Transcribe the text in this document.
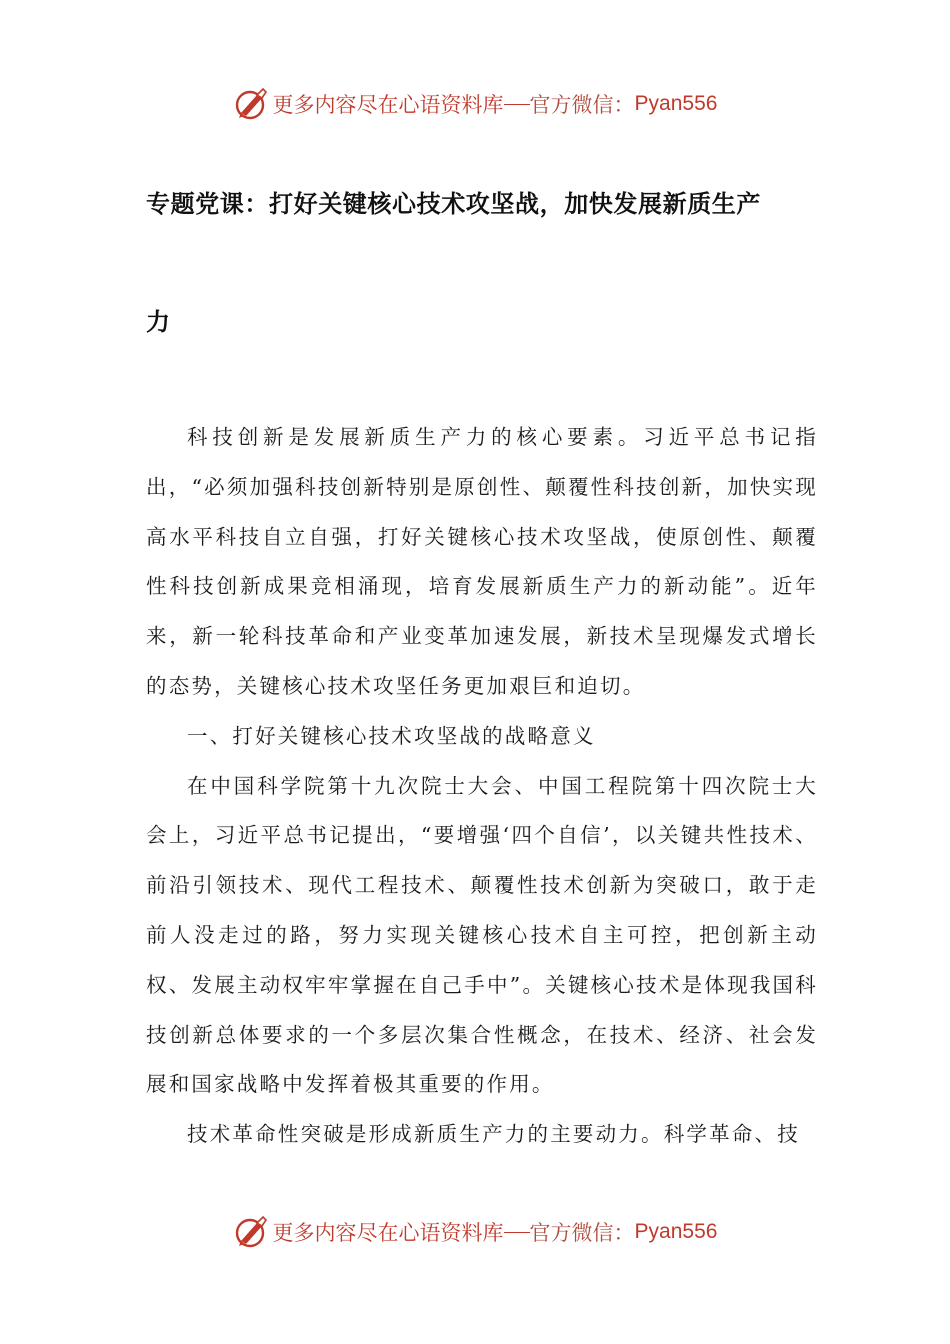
更多内容尽在心语资料库 官方微信： Pyan556
专题党课：打好关键核心技术攻坚战，加快发展新质生产
力

科技创新是发展新质生产力的核心要素。习近平总书记指出，“必须加强科技创新特别是原创性、颠覆性科技创新，加快实现高水平科技自立自强，打好关键核心技术攻坚战，使原创性、颠覆性科技创新成果竞相涌现，培育发展新质生产力的新动能”。近年来，新一轮科技革命和产业变革加速发展，新技术呈现爆发式增长的态势，关键核心技术攻坚任务更加艰巨和迫切。

一、打好关键核心技术攻坚战的战略意义

在中国科学院第十九次院士大会、中国工程院第十四次院士大会上，习近平总书记提出，“要增强‘四个自信’，以关键共性技术、前沿引领技术、现代工程技术、颠覆性技术创新为突破口，敢于走前人没走过的路，努力实现关键核心技术自主可控，把创新主动权、发展主动权牢牢掌握在自己手中”。关键核心技术是体现我国科技创新总体要求的一个多层次集合性概念，在技术、经济、社会发展和国家战略中发挥着极其重要的作用。

技术革命性突破是形成新质生产力的主要动力。科学革命、技

更多内容尽在心语资料库 官方微信： Pyan556
